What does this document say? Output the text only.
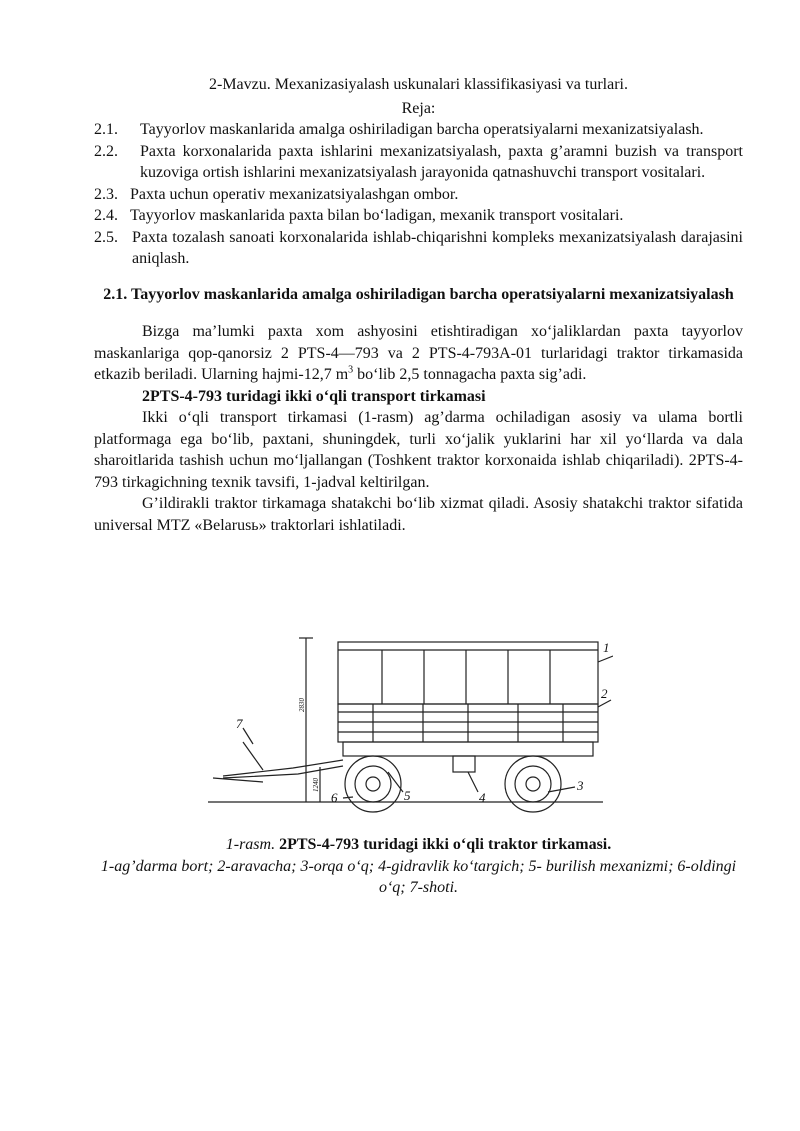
2-Mavzu. Mexanizasiyalash uskunalari klassifikasiyasi va turlari.

Reja:

2.1.	Tayyorlov maskanlarida amalga oshiriladigan barcha operatsiyalarni mexanizatsiyalash.
2.2.	Paxta korxonalarida paxta ishlarini mexanizatsiyalash, paxta g’aramni buzish va transport kuzoviga ortish ishlarini mexanizatsiyalash jarayonida qatnashuvchi transport vositalari.
2.3. Paxta uchun operativ mexanizatsiyalashgan ombor.
2.4. Tayyorlov maskanlarida paxta bilan bo‘ladigan, mexanik transport vositalari.
2.5. Paxta tozalash sanoati korxonalarida ishlab-chiqarishni kompleks mexanizatsiyalash darajasini aniqlash.

2.1. Tayyorlov maskanlarida amalga oshiriladigan barcha operatsiyalarni mexanizatsiyalash

Bizga ma’lumki paxta xom ashyosini etishtiradigan xo‘jaliklardan paxta tayyorlov maskanlariga qop-qanorsiz 2 PTS-4—793 va 2 PTS-4-793A-01 turlaridagi traktor tirkamasida etkazib beriladi. Ularning hajmi-12,7 $m^3$ bo‘lib 2,5 tonnagacha paxta sig’adi.

2PTS-4-793 turidagi ikki o‘qli transport tirkamasi

Ikki o‘qli transport tirkamasi (1-rasm) ag’darma ochiladigan asosiy va ulama bortli platformaga ega bo‘lib, paxtani, shuningdek, turli xo‘jalik yuklarini har xil yo‘llarda va dala sharoitlarida tashish uchun mo‘ljallangan (Toshkent traktor korxonaida ishlab chiqariladi). 2PTS-4-793 tirkagichning texnik tavsifi, 1-jadval keltirilgan.

G’ildirakli traktor tirkamaga shatakchi bo‘lib xizmat qiladi. Asosiy shatakchi traktor sifatida universal MTZ «Belarusь» traktorlari ishlatiladi.

1
2
3
4
5
6
7
2830
1240
1-rasm. 2PTS-4-793 turidagi ikki o‘qli traktor tirkamasi.
1-ag’darma bort; 2-aravacha; 3-orqa o‘q; 4-gidravlik ko‘targich; 5- burilish mexanizmi; 6-oldingi o‘q; 7-shoti.
